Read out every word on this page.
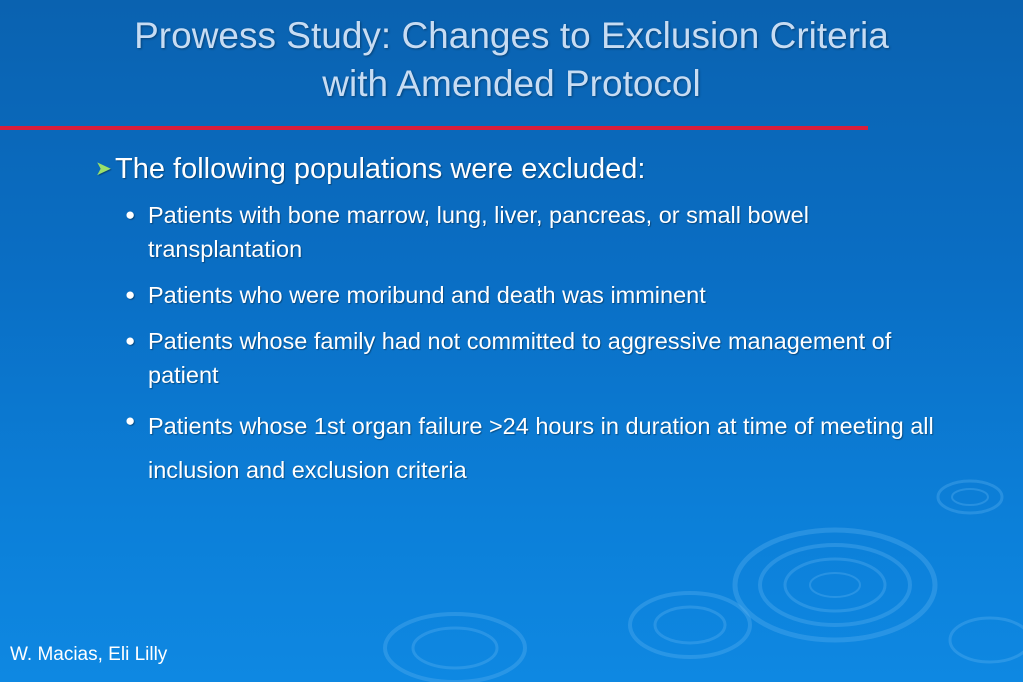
Prowess Study: Changes to Exclusion Criteria
with Amended Protocol
➤ The following populations were excluded:
● Patients with bone marrow, lung, liver, pancreas, or small bowel transplantation
● Patients who were moribund and death was imminent
● Patients whose family had not committed to aggressive management of patient
● Patients whose 1st organ failure >24 hours in duration at time of meeting all inclusion and exclusion criteria
W. Macias, Eli Lilly
